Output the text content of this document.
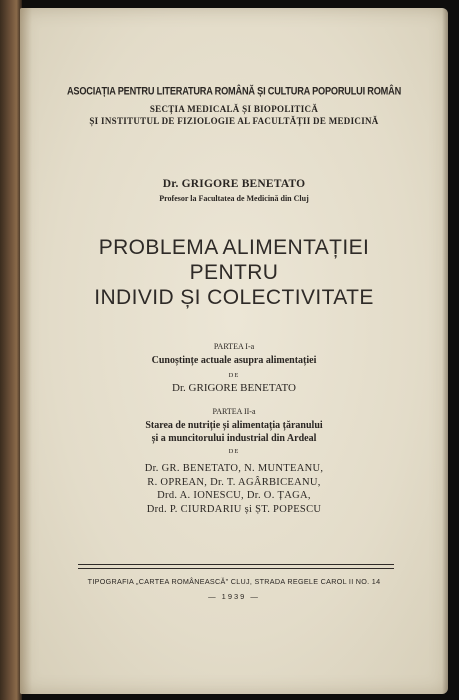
ASOCIAȚIA PENTRU LITERATURA ROMÂNĂ ȘI CULTURA POPORULUI ROMÂN
SECȚIA MEDICALĂ ȘI BIOPOLITICĂ
ȘI INSTITUTUL DE FIZIOLOGIE AL FACULTĂȚII DE MEDICINĂ
Dr. GRIGORE BENETATO
Profesor la Facultatea de Medicină din Cluj
PROBLEMA ALIMENTAȚIEI
PENTRU
INDIVID ȘI COLECTIVITATE
PARTEA I-a
Cunoștințe actuale asupra alimentației
DE
Dr. GRIGORE BENETATO
PARTEA II-a
Starea de nutriție și alimentația țăranului
și a muncitorului industrial din Ardeal
DE
Dr. GR. BENETATO, N. MUNTEANU,
R. OPREAN, Dr. T. AGÂRBICEANU,
Drd. A. IONESCU, Dr. O. ȚAGA,
Drd. P. CIURDARIU și ȘT. POPESCU
TIPOGRAFIA „CARTEA ROMÂNEASCĂ" CLUJ, STRADA REGELE CAROL II NO. 14
— 1939 —
